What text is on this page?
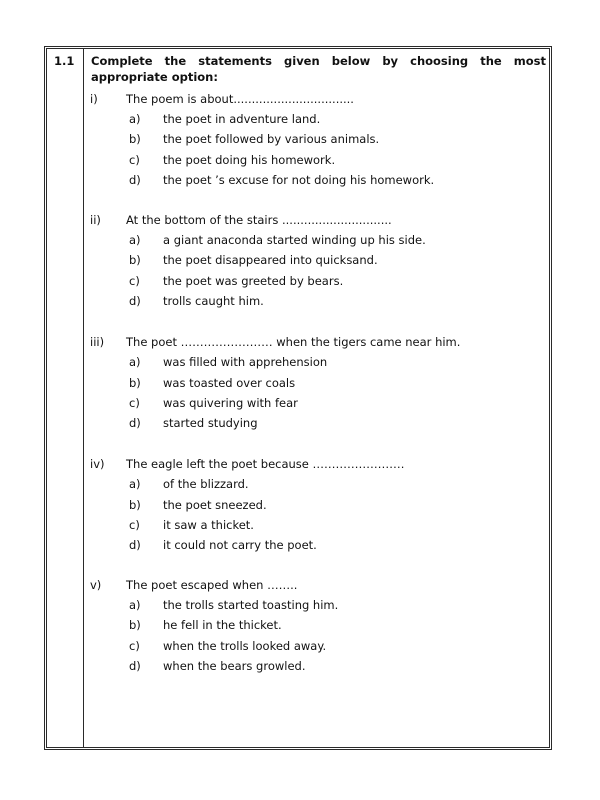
1.1 Complete the statements given below by choosing the most appropriate option:
i) The poem is about.................................
a) the poet in adventure land.
b) the poet followed by various animals.
c) the poet doing his homework.
d) the poet ’s excuse for not doing his homework.
ii) At the bottom of the stairs ..............................
a) a giant anaconda started winding up his side.
b) the poet disappeared into quicksand.
c) the poet was greeted by bears.
d) trolls caught him.
iii) The poet …………………… when the tigers came near him.
a) was filled with apprehension
b) was toasted over coals
c) was quivering with fear
d) started studying
iv) The eagle left the poet because ……………………
a) of the blizzard.
b) the poet sneezed.
c) it saw a thicket.
d) it could not carry the poet.
v) The poet escaped when ……..
a) the trolls started toasting him.
b) he fell in the thicket.
c) when the trolls looked away.
d) when the bears growled.
